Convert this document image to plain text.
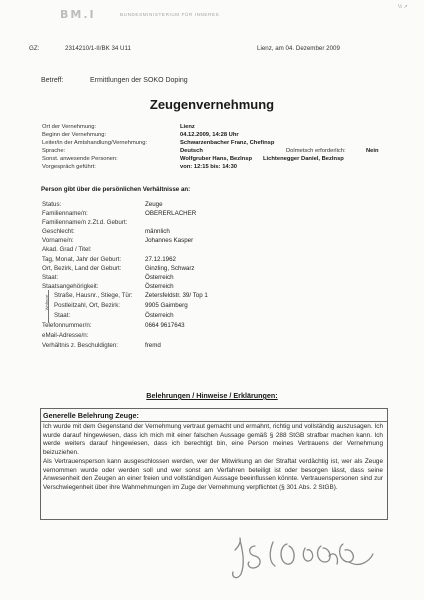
½ ↗
BM.I	BUNDESMINISTERIUM FÜR INNERES
GZ:	2314210/1-II/BK 34 U11	Lienz, am 04. Dezember 2009
Betreff:	Ermittlungen der SOKO Doping
Zeugenvernehmung
Ort der Vernehmung:	Lienz
Beginn der Vernehmung:	04.12.2009, 14:28 Uhr
Leiter/in der Amtshandlung/Vernehmung:	Schwarzenbacher Franz, Chefinsp
Sprache:	Deutsch	Dolmetsch erforderlich:	Nein
Sonst. anwesende Personen:	Wolfgruber Hans, BezInsp Lichtenegger Daniel, BezInsp
Vorgespräch geführt:	von: 12:15 bis: 14:30
Person gibt über die persönlichen Verhältnisse an:
Status:	Zeuge
Familienname/n:	OBERERLACHER
Familienname/n z.Zt.d. Geburt:
Geschlecht:	männlich
Vorname/n:	Johannes Kasper
Akad. Grad / Titel:
Tag, Monat, Jahr der Geburt:	27.12.1962
Ort, Bezirk, Land der Geburt:	Ginzling, Schwarz
Staat:	Österreich
Staatsangehörigkeit:	Österreich
Wohnort Straße, Hausnr., Stiege, Tür: Zetersfeldstr. 39/ Top 1
Postleitzahl, Ort, Bezirk:	9905 Gaimberg
Staat:	Österreich
Telefonnummer/n:	0664 9617643
eMail-Adresse/n:
Verhältnis z. Beschuldigten:	fremd
Belehrungen / Hinweise / Erklärungen:
Generelle Belehrung Zeuge:

Ich wurde mit dem Gegenstand der Vernehmung vertraut gemacht und ermahnt, richtig und vollständig auszusagen. Ich wurde darauf hingewiesen, dass ich mich mit einer falschen Aussage gemäß § 288 StGB strafbar machen kann. Ich werde weiters darauf hingewiesen, dass ich berechtigt bin, eine Person meines Vertrauens der Vernehmung beizuziehen.

Als Vertrauensperson kann ausgeschlossen werden, wer der Mitwirkung an der Straftat verdächtig ist, wer als Zeuge vernommen wurde oder werden soll und wer sonst am Verfahren beteiligt ist oder besorgen lässt, dass seine Anwesenheit den Zeugen an einer freien und vollständigen Aussage beeinflussen könnte. Vertrauenspersonen sind zur Verschwiegenheit über ihre Wahrnehmungen im Zuge der Vernehmung verpflichtet (§ 301 Abs. 2 StGB).
